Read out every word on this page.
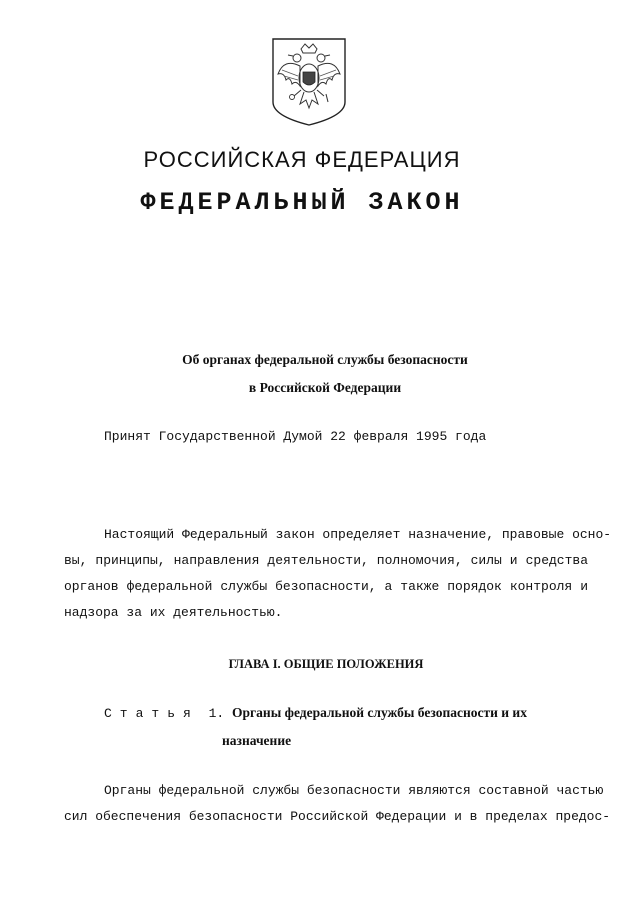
РОССИЙСКАЯ ФЕДЕРАЦИЯ
ФЕДЕРАЛЬНЫЙ ЗАКОН
Об органах федеральной службы безопасности
в Российской Федерации
Принят Государственной Думой 22 февраля 1995 года
Настоящий Федеральный закон определяет назначение, правовые осно-
вы, принципы, направления деятельности, полномочия, силы и средства
органов федеральной службы безопасности, а также порядок контроля и
надзора за их деятельностью.
ГЛАВА I. ОБЩИЕ ПОЛОЖЕНИЯ
Статья 1. Органы федеральной службы безопасности и их
назначение
Органы федеральной службы безопасности являются составной частью
сил обеспечения безопасности Российской Федерации и в пределах предос-
